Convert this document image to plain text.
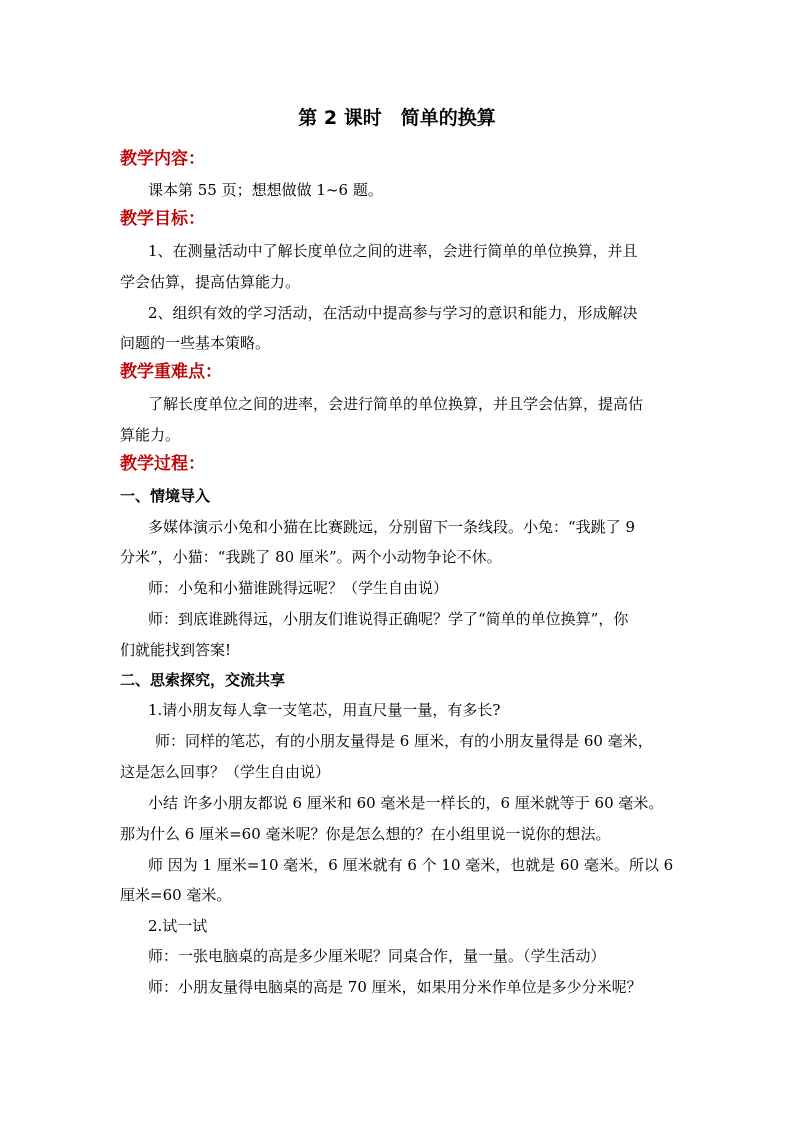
第 2 课时　简单的换算
教学内容：
课本第 55 页；想想做做 1~6 题。
教学目标：
1、在测量活动中了解长度单位之间的进率，会进行简单的单位换算，并且
学会估算，提高估算能力。
2、组织有效的学习活动，在活动中提高参与学习的意识和能力，形成解决
问题的一些基本策略。
教学重难点：
了解长度单位之间的进率，会进行简单的单位换算，并且学会估算，提高估
算能力。
教学过程：
一、情境导入
多媒体演示小兔和小猫在比赛跳远，分别留下一条线段。小兔：“我跳了 9
分米”，小猫：“我跳了 80 厘米”。两个小动物争论不休。
师：小兔和小猫谁跳得远呢？（学生自由说）
师：到底谁跳得远，小朋友们谁说得正确呢？学了“简单的单位换算”，你
们就能找到答案!
二、思索探究，交流共享
1.请小朋友每人拿一支笔芯，用直尺量一量，有多长?
师：同样的笔芯，有的小朋友量得是 6 厘米，有的小朋友量得是 60 毫米，
这是怎么回事？（学生自由说）
小结 许多小朋友都说 6 厘米和 60 毫米是一样长的，6 厘米就等于 60 毫米。
那为什么 6 厘米=60 毫米呢？你是怎么想的？在小组里说一说你的想法。
师 因为 1 厘米=10 毫米，6 厘米就有 6 个 10 毫米，也就是 60 毫米。所以 6
厘米=60 毫米。
2.试一试
师：一张电脑桌的高是多少厘米呢？同桌合作，量一量。（学生活动）
师：小朋友量得电脑桌的高是 70 厘米，如果用分米作单位是多少分米呢？
